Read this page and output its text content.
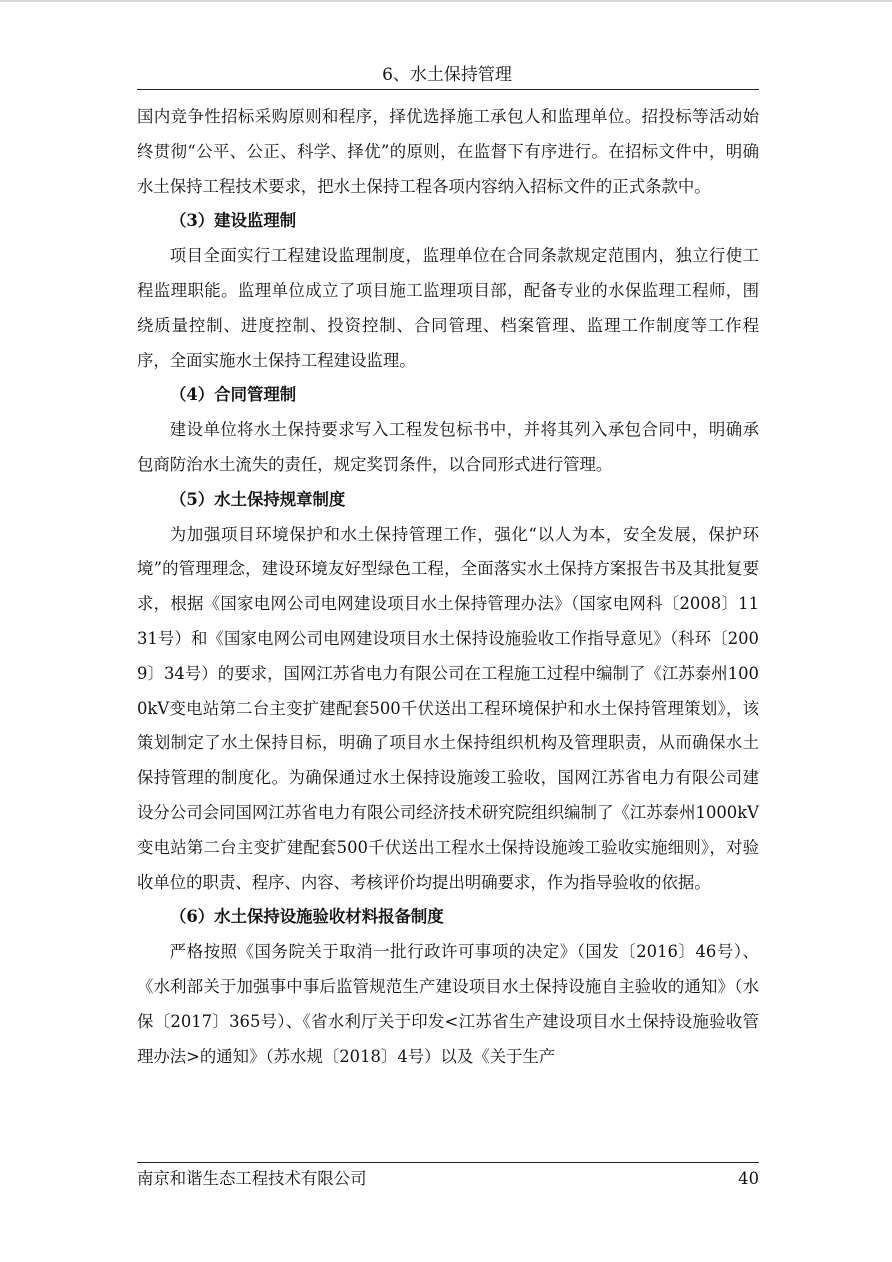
6、水土保持管理

国内竞争性招标采购原则和程序，择优选择施工承包人和监理单位。招投标等活动始终贯彻“公平、公正、科学、择优”的原则，在监督下有序进行。在招标文件中，明确水土保持工程技术要求，把水土保持工程各项内容纳入招标文件的正式条款中。

（3）建设监理制

项目全面实行工程建设监理制度，监理单位在合同条款规定范围内，独立行使工程监理职能。监理单位成立了项目施工监理项目部，配备专业的水保监理工程师，围绕质量控制、进度控制、投资控制、合同管理、档案管理、监理工作制度等工作程序，全面实施水土保持工程建设监理。

（4）合同管理制

建设单位将水土保持要求写入工程发包标书中，并将其列入承包合同中，明确承包商防治水土流失的责任，规定奖罚条件，以合同形式进行管理。

（5）水土保持规章制度

为加强项目环境保护和水土保持管理工作，强化“以人为本，安全发展，保护环境”的管理理念，建设环境友好型绿色工程，全面落实水土保持方案报告书及其批复要求，根据《国家电网公司电网建设项目水土保持管理办法》（国家电网科〔2008〕1131号）和《国家电网公司电网建设项目水土保持设施验收工作指导意见》（科环〔2009〕34号）的要求，国网江苏省电力有限公司在工程施工过程中编制了《江苏泰州1000kV变电站第二台主变扩建配套500千伏送出工程环境保护和水土保持管理策划》，该策划制定了水土保持目标，明确了项目水土保持组织机构及管理职责，从而确保水土保持管理的制度化。为确保通过水土保持设施竣工验收，国网江苏省电力有限公司建设分公司会同国网江苏省电力有限公司经济技术研究院组织编制了《江苏泰州1000kV变电站第二台主变扩建配套500千伏送出工程水土保持设施竣工验收实施细则》，对验收单位的职责、程序、内容、考核评价均提出明确要求，作为指导验收的依据。

（6）水土保持设施验收材料报备制度

严格按照《国务院关于取消一批行政许可事项的决定》（国发〔2016〕46号）、《水利部关于加强事中事后监管规范生产建设项目水土保持设施自主验收的通知》（水保〔2017〕365号）、《省水利厅关于印发<江苏省生产建设项目水土保持设施验收管理办法>的通知》（苏水规〔2018〕4号）以及《关于生产

南京和谐生态工程技术有限公司	40
